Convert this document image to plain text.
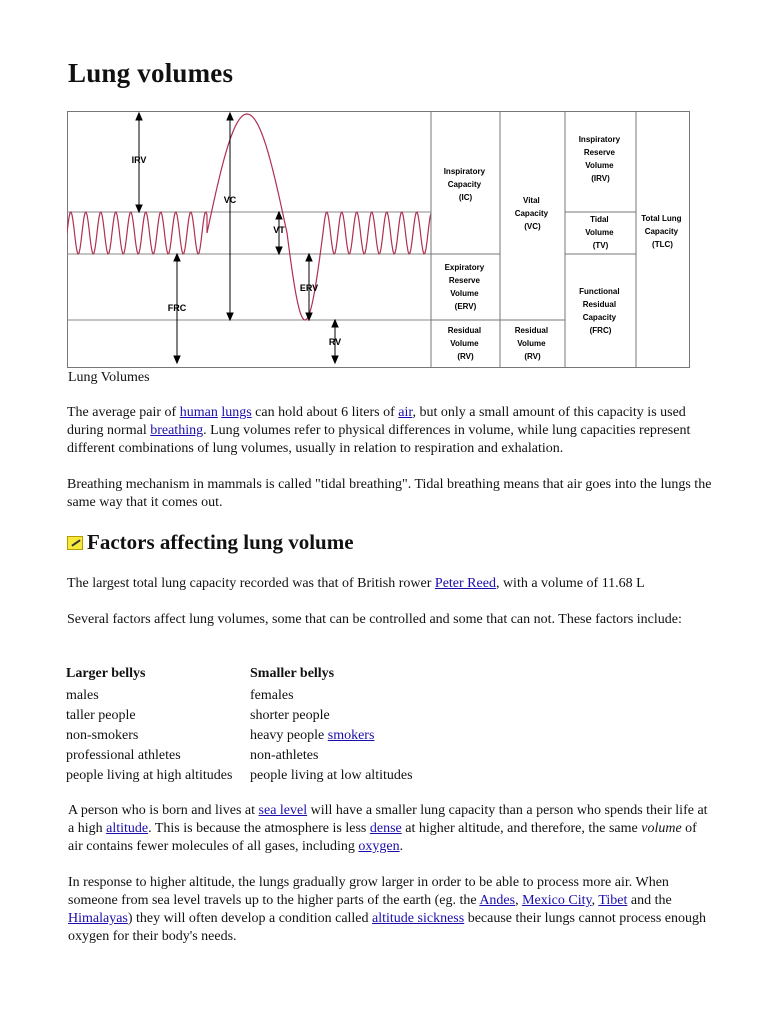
Lung volumes
IRV
VC
VT
FRC
ERV
RV
Inspiratory Capacity (IC)
Expiratory Reserve Volume (ERV)
Residual Volume (RV)
Vital Capacity (VC)
Residual Volume (RV)
Inspiratory Reserve Volume (IRV)
Tidal Volume (TV)
Functional Residual Capacity (FRC)
Total Lung Capacity (TLC)
Lung Volumes

The average pair of human lungs can hold about 6 liters of air, but only a small amount of this capacity is used during normal breathing. Lung volumes refer to physical differences in volume, while lung capacities represent different combinations of lung volumes, usually in relation to respiration and exhalation.

Breathing mechanism in mammals is called "tidal breathing". Tidal breathing means that air goes into the lungs the same way that it comes out.

Factors affecting lung volume

The largest total lung capacity recorded was that of British rower Peter Reed, with a volume of 11.68 L

Several factors affect lung volumes, some that can be controlled and some that can not. These factors include:

Larger bellys	Smaller bellys
males	females
taller people	shorter people
non-smokers	heavy people smokers
professional athletes	non-athletes
people living at high altitudes	people living at low altitudes

A person who is born and lives at sea level will have a smaller lung capacity than a person who spends their life at a high altitude. This is because the atmosphere is less dense at higher altitude, and therefore, the same volume of air contains fewer molecules of all gases, including oxygen.

In response to higher altitude, the lungs gradually grow larger in order to be able to process more air. When someone from sea level travels up to the higher parts of the earth (eg. the Andes, Mexico City, Tibet and the Himalayas) they will often develop a condition called altitude sickness because their lungs cannot process enough oxygen for their body's needs.
